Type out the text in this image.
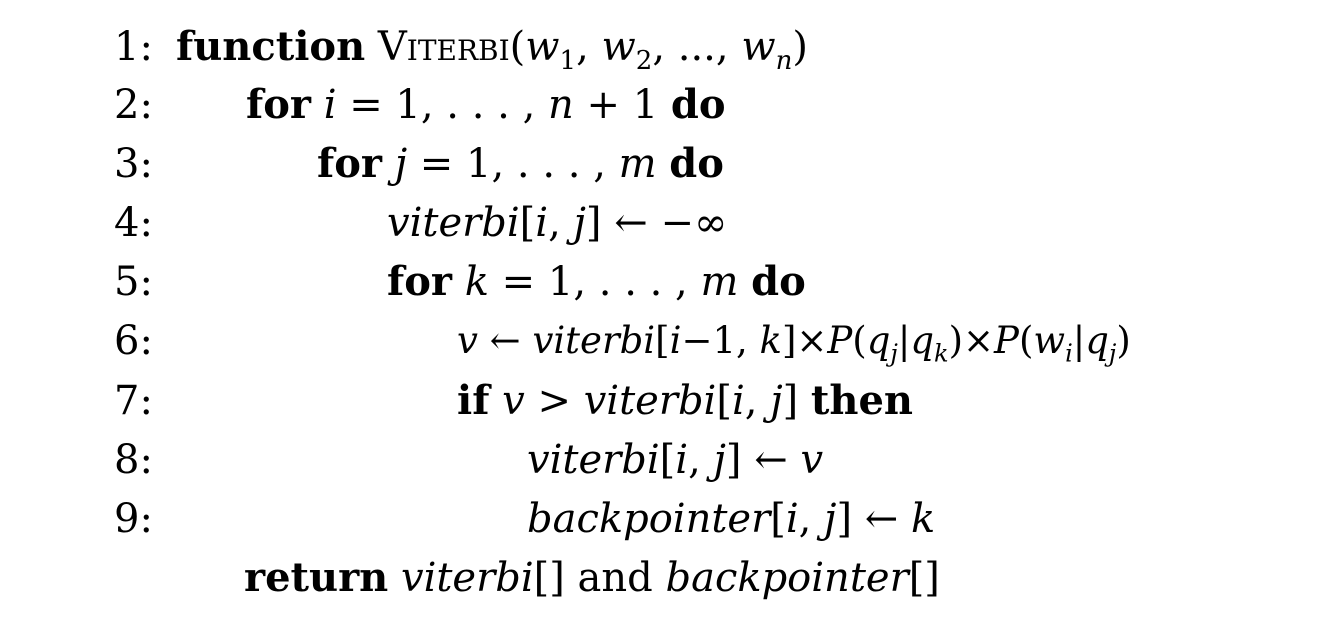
1: function $Viterbi(w_1$, $w_2$, ..., $w_n$)
2: for i = 1, . . . , n + 1 do
3:	for j = 1, . . . , m do
4:	viterbi[i, j] ← −∞
5:	for k = 1, . . . , m do
6:	v ← viterbi[i−1, $k]\times P(q_j|q_k)\times P(w_i|q_j)$
7:	if v > viterbi[i, j] then
8:	viterbi[i, j] ← v
9:	backpointer[i, j] ← k
return viterbi[] and backpointer[]
